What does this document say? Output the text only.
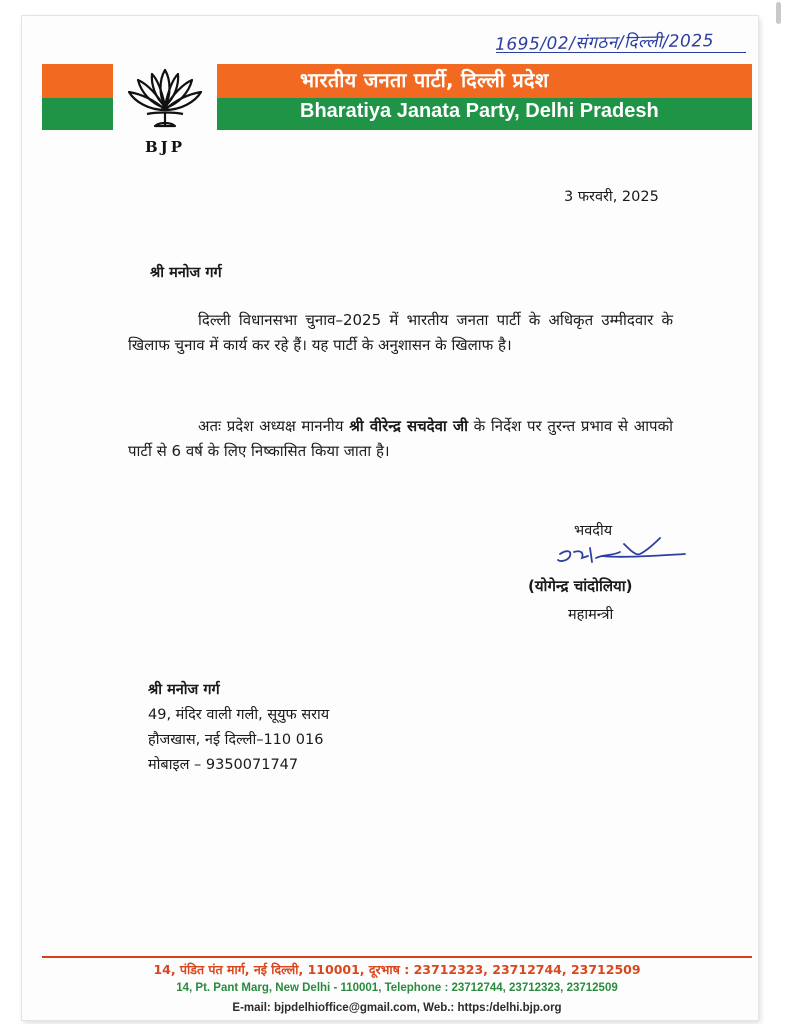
1695/02/संगठन/दिल्ली/2025
BJP
भारतीय जनता पार्टी, दिल्ली प्रदेश
Bharatiya Janata Party, Delhi Pradesh
3 फरवरी, 2025
श्री मनोज गर्ग
दिल्ली विधानसभा चुनाव–2025 में भारतीय जनता पार्टी के अधिकृत उम्मीदवार के खिलाफ चुनाव में कार्य कर रहे हैं। यह पार्टी के अनुशासन के खिलाफ है।
अतः प्रदेश अध्यक्ष माननीय श्री वीरेन्द्र सचदेवा जी के निर्देश पर तुरन्त प्रभाव से आपको पार्टी से 6 वर्ष के लिए निष्कासित किया जाता है।
भवदीय
(योगेन्द्र चांदोलिया)
महामन्त्री
श्री मनोज गर्ग
49, मंदिर वाली गली, सूयुफ सराय
हौजखास, नई दिल्ली–110 016
मोबाइल – 9350071747
14, पंडित पंत मार्ग, नई दिल्ली, 110001, दूरभाष : 23712323, 23712744, 23712509
14, Pt. Pant Marg, New Delhi - 110001, Telephone : 23712744, 23712323, 23712509
E-mail: bjpdelhioffice@gmail.com, Web.: https:/delhi.bjp.org
